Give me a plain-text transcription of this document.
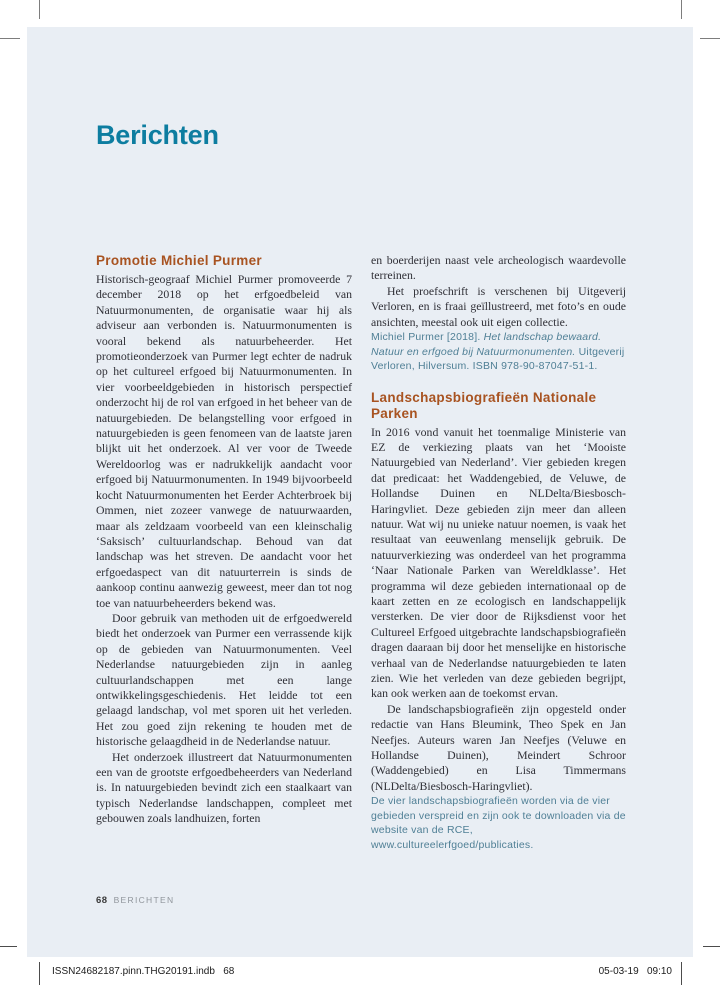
Berichten
Promotie Michiel Purmer

Historisch-geograaf Michiel Purmer promoveerde 7 december 2018 op het erfgoedbeleid van Natuurmonumenten, de organisatie waar hij als adviseur aan verbonden is. Natuurmonumenten is vooral bekend als natuurbeheerder. Het promotieonderzoek van Purmer legt echter de nadruk op het cultureel erfgoed bij Natuurmonumenten. In vier voorbeeldgebieden in historisch perspectief onderzocht hij de rol van erfgoed in het beheer van de natuurgebieden. De belangstelling voor erfgoed in natuurgebieden is geen fenomeen van de laatste jaren blijkt uit het onderzoek. Al ver voor de Tweede Wereldoorlog was er nadrukkelijk aandacht voor erfgoed bij Natuurmonumenten. In 1949 bijvoorbeeld kocht Natuurmonumenten het Eerder Achterbroek bij Ommen, niet zozeer vanwege de natuurwaarden, maar als zeldzaam voorbeeld van een kleinschalig ‘Saksisch’ cultuurlandschap. Behoud van dat landschap was het streven. De aandacht voor het erfgoedaspect van dit natuurterrein is sinds de aankoop continu aanwezig geweest, meer dan tot nog toe van natuurbeheerders bekend was.

Door gebruik van methoden uit de erfgoedwereld biedt het onderzoek van Purmer een verrassende kijk op de gebieden van Natuurmonumenten. Veel Nederlandse natuurgebieden zijn in aanleg cultuurlandschappen met een lange ontwikkelingsgeschiedenis. Het leidde tot een gelaagd landschap, vol met sporen uit het verleden. Het zou goed zijn rekening te houden met de historische gelaagdheid in de Nederlandse natuur.

Het onderzoek illustreert dat Natuurmonumenten een van de grootste erfgoedbeheerders van Nederland is. In natuurgebieden bevindt zich een staalkaart van typisch Nederlandse landschappen, compleet met gebouwen zoals landhuizen, forten

en boerderijen naast vele archeologisch waardevolle terreinen.

Het proefschrift is verschenen bij Uitgeverij Verloren, en is fraai geïllustreerd, met foto’s en oude ansichten, meestal ook uit eigen collectie.

Michiel Purmer [2018]. Het landschap bewaard. Natuur en erfgoed bij Natuurmonumenten. Uitgeverij Verloren, Hilversum. ISBN 978-90-87047-51-1.

Landschapsbiografieën Nationale Parken

In 2016 vond vanuit het toenmalige Ministerie van EZ de verkiezing plaats van het ‘Mooiste Natuurgebied van Nederland’. Vier gebieden kregen dat predicaat: het Waddengebied, de Veluwe, de Hollandse Duinen en NLDelta/Biesbosch-Haringvliet. Deze gebieden zijn meer dan alleen natuur. Wat wij nu unieke natuur noemen, is vaak het resultaat van eeuwenlang menselijk gebruik. De natuurverkiezing was onderdeel van het programma ‘Naar Nationale Parken van Wereldklasse’. Het programma wil deze gebieden internationaal op de kaart zetten en ze ecologisch en landschappelijk versterken. De vier door de Rijksdienst voor het Cultureel Erfgoed uitgebrachte landschapsbiografieën dragen daaraan bij door het menselijke en historische verhaal van de Nederlandse natuurgebieden te laten zien. Wie het verleden van deze gebieden begrijpt, kan ook werken aan de toekomst ervan.

De landschapsbiografieën zijn opgesteld onder redactie van Hans Bleumink, Theo Spek en Jan Neefjes. Auteurs waren Jan Neefjes (Veluwe en Hollandse Duinen), Meindert Schroor (Waddengebied) en Lisa Timmermans (NLDelta/Biesbosch-Haringvliet).

De vier landschapsbiografieën worden via de vier gebieden verspreid en zijn ook te downloaden via de website van de RCE, www.cultureelerfgoed/publicaties.

68 BERICHTEN
ISSN24682187.pinn.THG20191.indb   68	05-03-19   09:10
